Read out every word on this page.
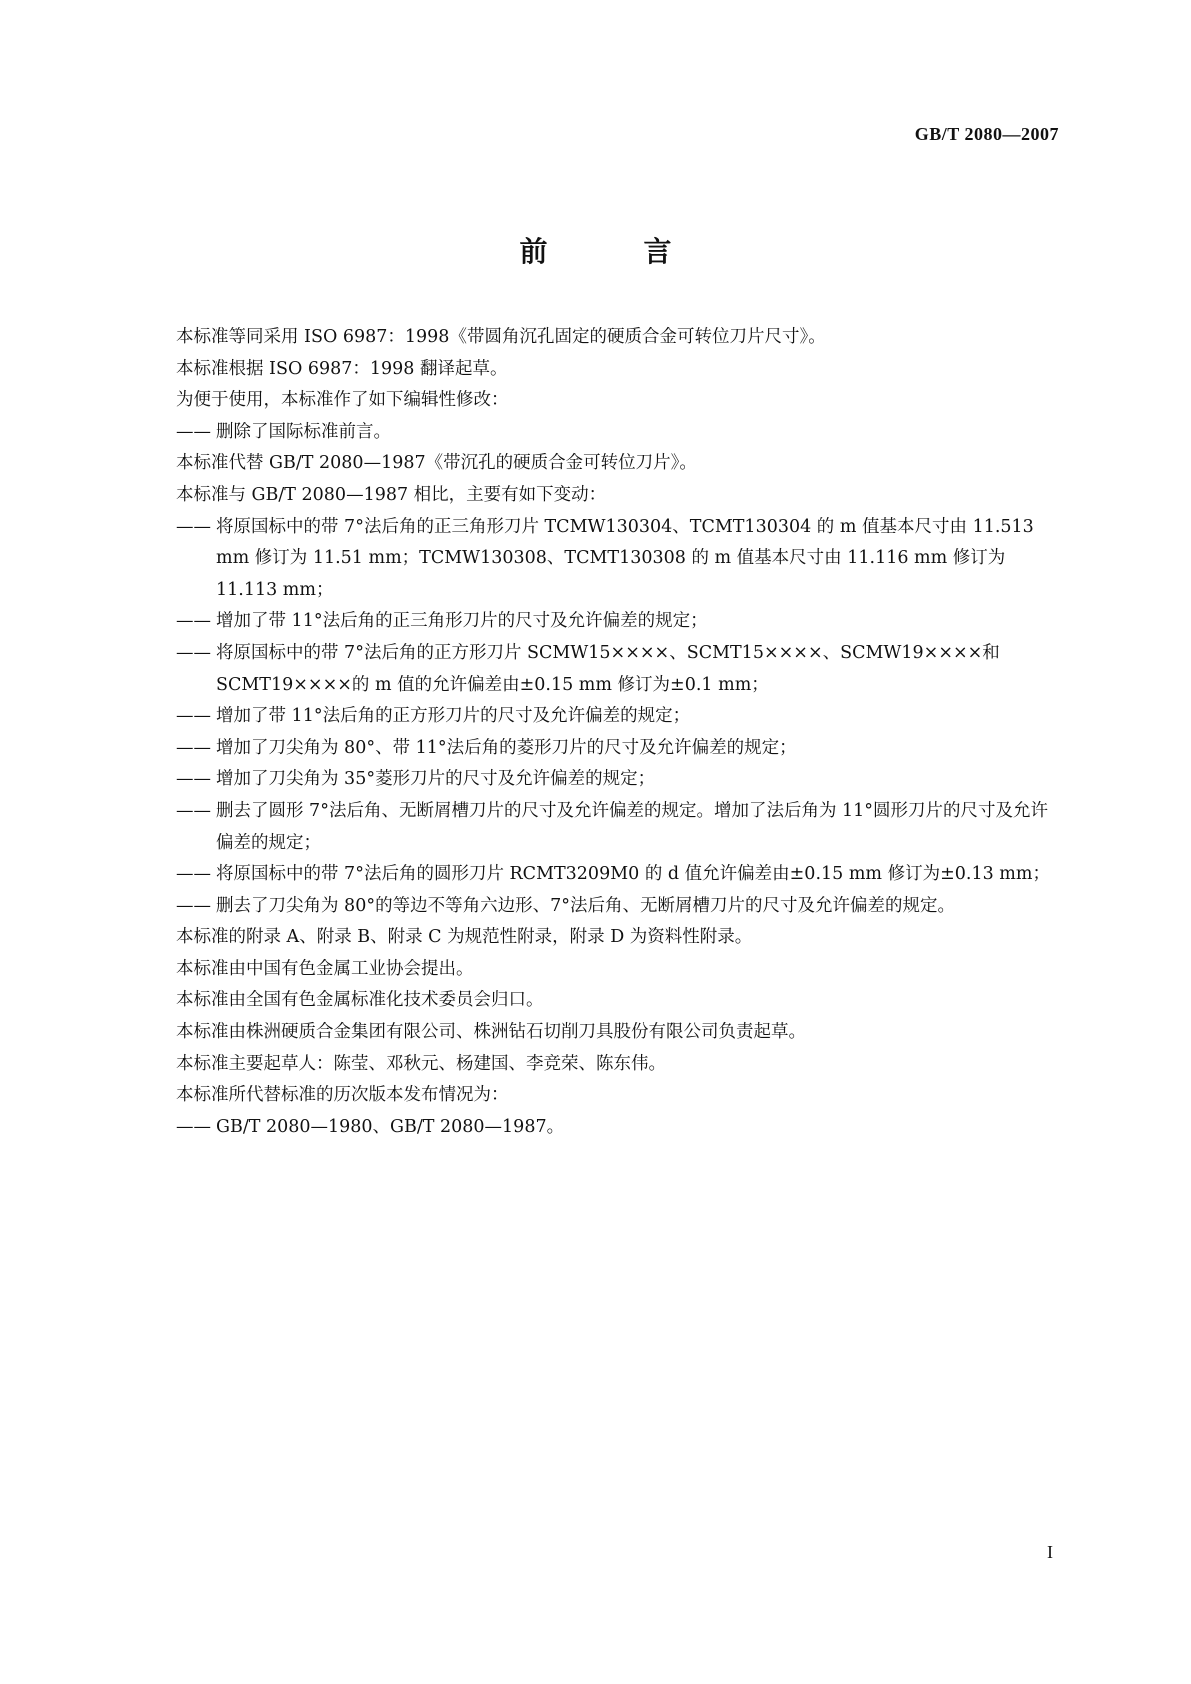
GB/T 2080—2007
前　言
本标准等同采用 ISO 6987：1998《带圆角沉孔固定的硬质合金可转位刀片尺寸》。
本标准根据 ISO 6987：1998 翻译起草。
为便于使用，本标准作了如下编辑性修改：
—— 删除了国际标准前言。
本标准代替 GB/T 2080—1987《带沉孔的硬质合金可转位刀片》。
本标准与 GB/T 2080—1987 相比，主要有如下变动：
—— 将原国标中的带 7°法后角的正三角形刀片 TCMW130304、TCMT130304 的 m 值基本尺寸由 11.513 mm 修订为 11.51 mm；TCMW130308、TCMT130308 的 m 值基本尺寸由 11.116 mm 修订为 11.113 mm；
—— 增加了带 11°法后角的正三角形刀片的尺寸及允许偏差的规定；
—— 将原国标中的带 7°法后角的正方形刀片 SCMW15××××、SCMT15××××、SCMW19××××和 SCMT19××××的 m 值的允许偏差由±0.15 mm 修订为±0.1 mm；
—— 增加了带 11°法后角的正方形刀片的尺寸及允许偏差的规定；
—— 增加了刀尖角为 80°、带 11°法后角的菱形刀片的尺寸及允许偏差的规定；
—— 增加了刀尖角为 35°菱形刀片的尺寸及允许偏差的规定；
—— 删去了圆形 7°法后角、无断屑槽刀片的尺寸及允许偏差的规定。增加了法后角为 11°圆形刀片的尺寸及允许偏差的规定；
—— 将原国标中的带 7°法后角的圆形刀片 RCMT3209M0 的 d 值允许偏差由±0.15 mm 修订为±0.13 mm；
—— 删去了刀尖角为 80°的等边不等角六边形、7°法后角、无断屑槽刀片的尺寸及允许偏差的规定。
本标准的附录 A、附录 B、附录 C 为规范性附录，附录 D 为资料性附录。
本标准由中国有色金属工业协会提出。
本标准由全国有色金属标准化技术委员会归口。
本标准由株洲硬质合金集团有限公司、株洲钻石切削刀具股份有限公司负责起草。
本标准主要起草人：陈莹、邓秋元、杨建国、李竞荣、陈东伟。
本标准所代替标准的历次版本发布情况为：
—— GB/T 2080—1980、GB/T 2080—1987。
I
